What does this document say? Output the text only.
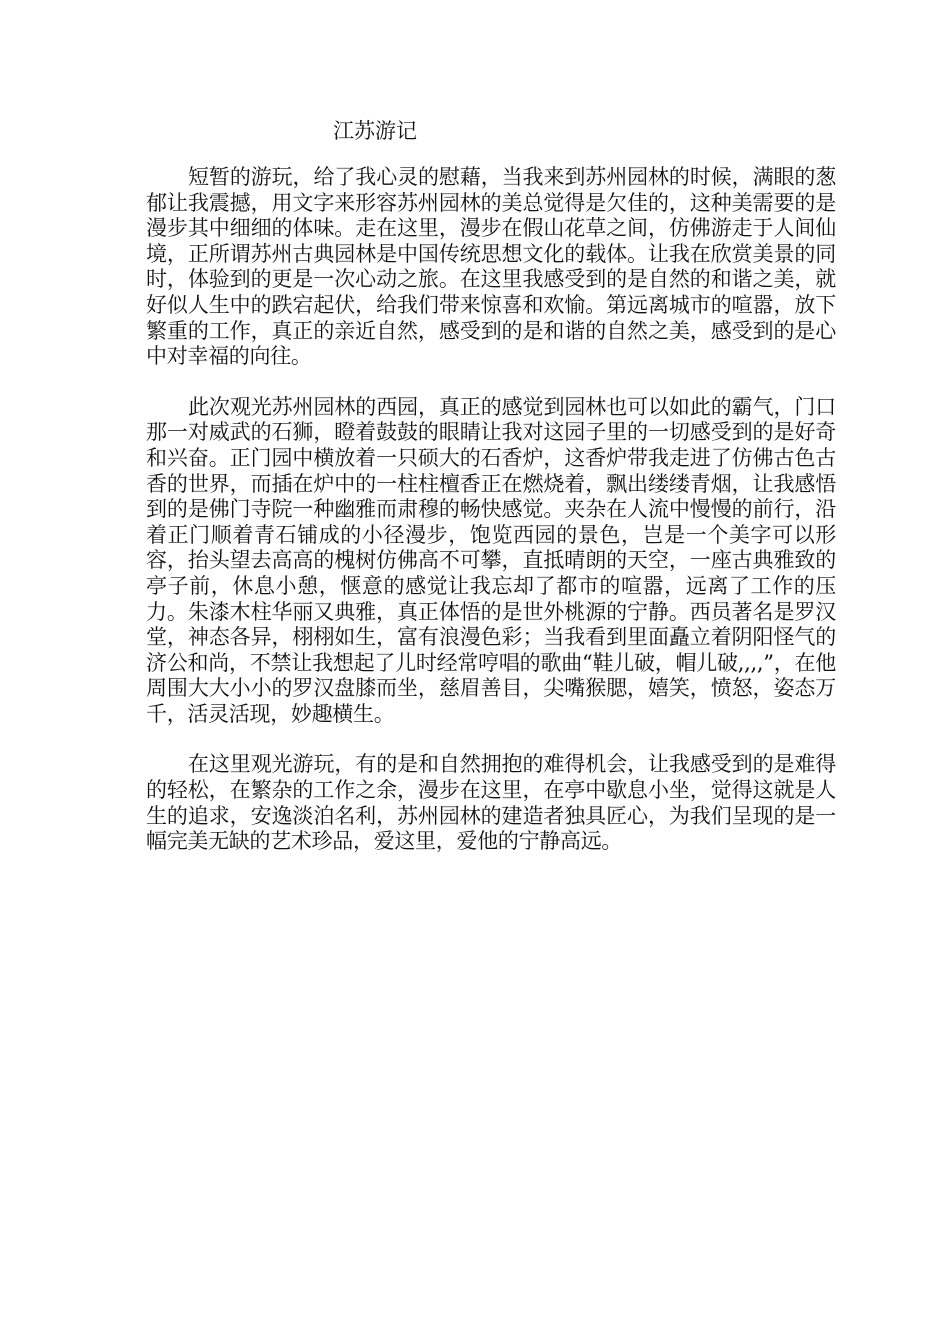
江苏游记

短暂的游玩，给了我心灵的慰藉，当我来到苏州园林的时候，满眼的葱郁让我震撼，用文字来形容苏州园林的美总觉得是欠佳的，这种美需要的是漫步其中细细的体味。走在这里，漫步在假山花草之间，仿佛游走于人间仙境，正所谓苏州古典园林是中国传统思想文化的载体。让我在欣赏美景的同时，体验到的更是一次心动之旅。在这里我感受到的是自然的和谐之美，就好似人生中的跌宕起伏，给我们带来惊喜和欢愉。第远离城市的喧嚣，放下繁重的工作，真正的亲近自然，感受到的是和谐的自然之美，感受到的是心中对幸福的向往。

此次观光苏州园林的西园，真正的感觉到园林也可以如此的霸气，门口那一对威武的石狮，瞪着鼓鼓的眼睛让我对这园子里的一切感受到的是好奇和兴奋。正门园中横放着一只硕大的石香炉，这香炉带我走进了仿佛古色古香的世界，而插在炉中的一柱柱檀香正在燃烧着，飘出缕缕青烟，让我感悟到的是佛门寺院一种幽雅而肃穆的畅快感觉。夹杂在人流中慢慢的前行，沿着正门顺着青石铺成的小径漫步，饱览西园的景色，岂是一个美字可以形容，抬头望去高高的槐树仿佛高不可攀，直抵晴朗的天空，一座古典雅致的亭子前，休息小憩，惬意的感觉让我忘却了都市的喧嚣，远离了工作的压力。朱漆木柱华丽又典雅，真正体悟的是世外桃源的宁静。西员著名是罗汉堂，神态各异，栩栩如生，富有浪漫色彩；当我看到里面矗立着阴阳怪气的济公和尚，不禁让我想起了儿时经常哼唱的歌曲“鞋儿破，帽儿破,,,,”，在他周围大大小小的罗汉盘膝而坐，慈眉善目，尖嘴猴腮，嬉笑，愤怒，姿态万千，活灵活现，妙趣横生。

在这里观光游玩，有的是和自然拥抱的难得机会，让我感受到的是难得的轻松，在繁杂的工作之余，漫步在这里，在亭中歇息小坐，觉得这就是人生的追求，安逸淡泊名利，苏州园林的建造者独具匠心，为我们呈现的是一幅完美无缺的艺术珍品，爱这里，爱他的宁静高远。
